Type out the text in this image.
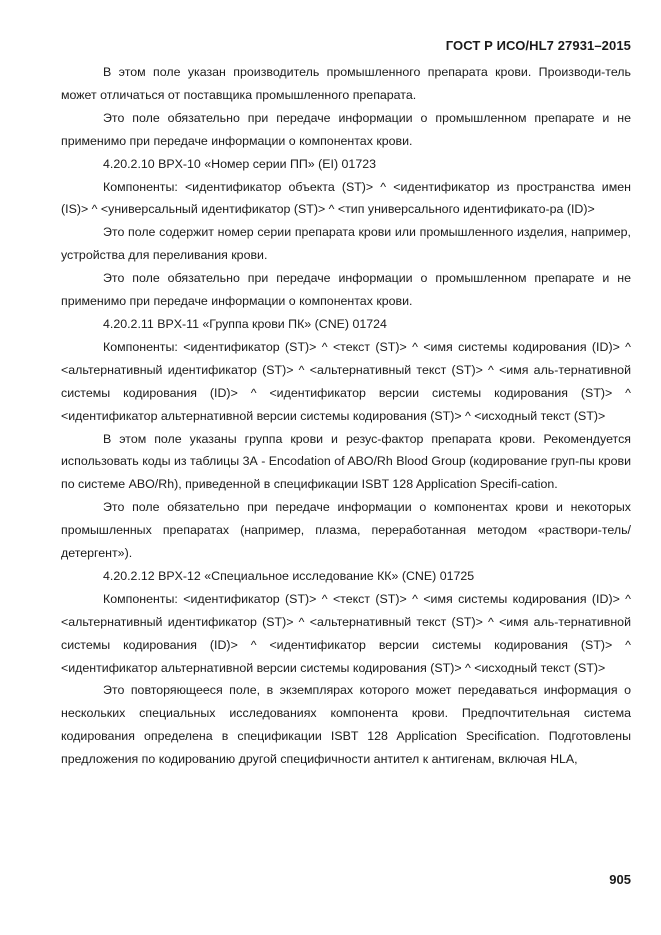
ГОСТ Р ИСО/HL7 27931–2015

В этом поле указан производитель промышленного препарата крови. Производи-тель может отличаться от поставщика промышленного препарата.

Это поле обязательно при передаче информации о промышленном препарате и не применимо при передаче информации о компонентах крови.

4.20.2.10 BPX-10 «Номер серии ПП» (EI) 01723

Компоненты: <идентификатор объекта (ST)> ^ <идентификатор из пространства имен (IS)> ^ <универсальный идентификатор (ST)> ^ <тип универсального идентификато-ра (ID)>

Это поле содержит номер серии препарата крови или промышленного изделия, например, устройства для переливания крови.

Это поле обязательно при передаче информации о промышленном препарате и не применимо при передаче информации о компонентах крови.

4.20.2.11 BPX-11 «Группа крови ПК» (CNE) 01724

Компоненты: <идентификатор (ST)> ^ <текст (ST)> ^ <имя системы кодирования (ID)> ^ <альтернативный идентификатор (ST)> ^ <альтернативный текст (ST)> ^ <имя аль-тернативной системы кодирования (ID)> ^ <идентификатор версии системы кодирования (ST)> ^ <идентификатор альтернативной версии системы кодирования (ST)> ^ <исходный текст (ST)>

В этом поле указаны группа крови и резус-фактор препарата крови. Рекомендуется использовать коды из таблицы 3А - Encodation of ABO/Rh Blood Group (кодирование груп-пы крови по системе ABO/Rh), приведенной в спецификации ISBT 128 Application Specifi-cation.

Это поле обязательно при передаче информации о компонентах крови и некоторых промышленных препаратах (например, плазма, переработанная методом «раствори-тель/детергент»).

4.20.2.12 BPX-12 «Специальное исследование КК» (CNE) 01725

Компоненты: <идентификатор (ST)> ^ <текст (ST)> ^ <имя системы кодирования (ID)> ^ <альтернативный идентификатор (ST)> ^ <альтернативный текст (ST)> ^ <имя аль-тернативной системы кодирования (ID)> ^ <идентификатор версии системы кодирования (ST)> ^ <идентификатор альтернативной версии системы кодирования (ST)> ^ <исходный текст (ST)>

Это повторяющееся поле, в экземплярах которого может передаваться информация о нескольких специальных исследованиях компонента крови. Предпочтительная система кодирования определена в спецификации ISBT 128 Application Specification. Подготовлены предложения по кодированию другой специфичности антител к антигенам, включая HLA,

905
